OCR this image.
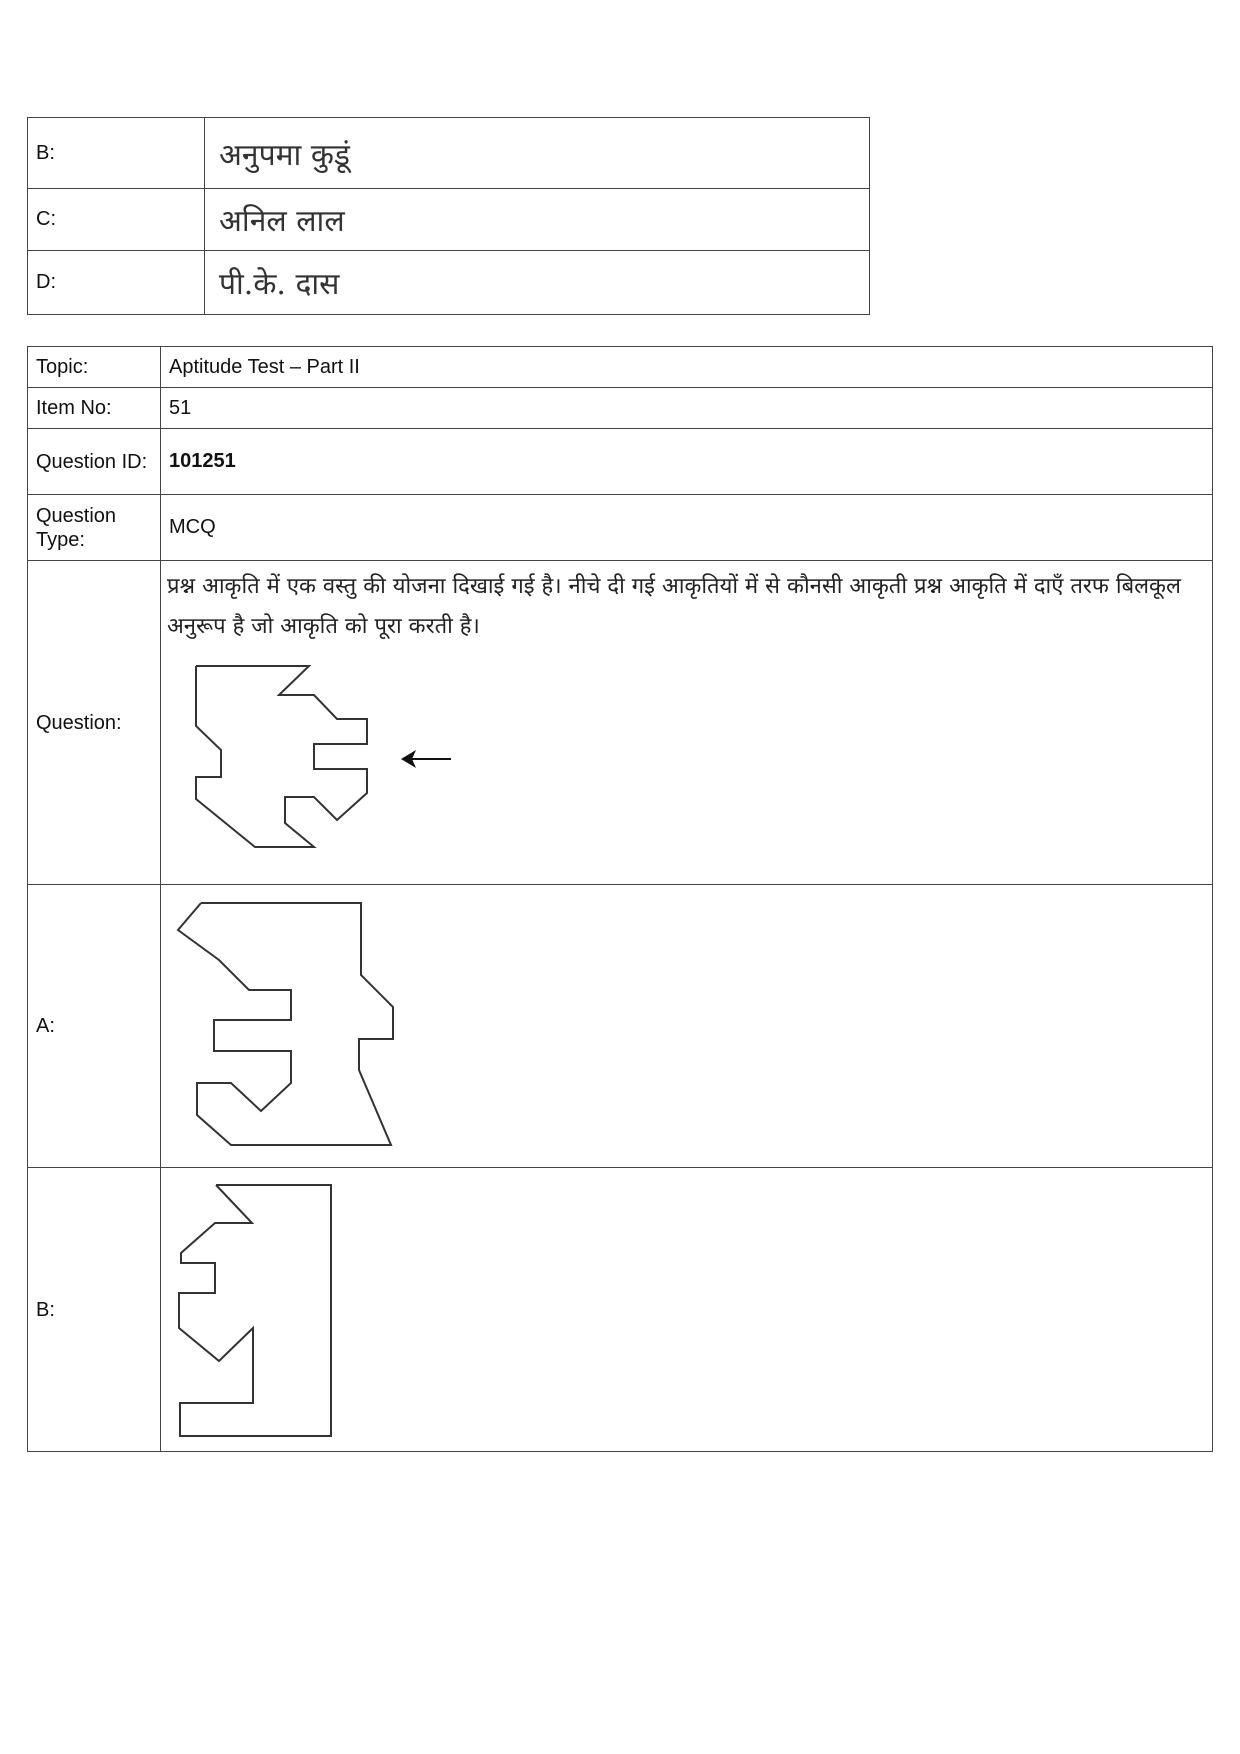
B:	अनुपमा कुडूं
C:	अनिल लाल
D:	पी.के. दास
Topic:	Aptitude Test – Part II
Item No:	51
Question ID:	101251
Question Type:	MCQ
Question:	प्रश्न आकृति में एक वस्तु की योजना दिखाई गई है। नीचे दी गई आकृतियों में से कौनसी आकृती प्रश्न आकृति में दाएँ तरफ बिलकूल अनुरूप है जो आकृति को पूरा करती है।

A:	

B:	
